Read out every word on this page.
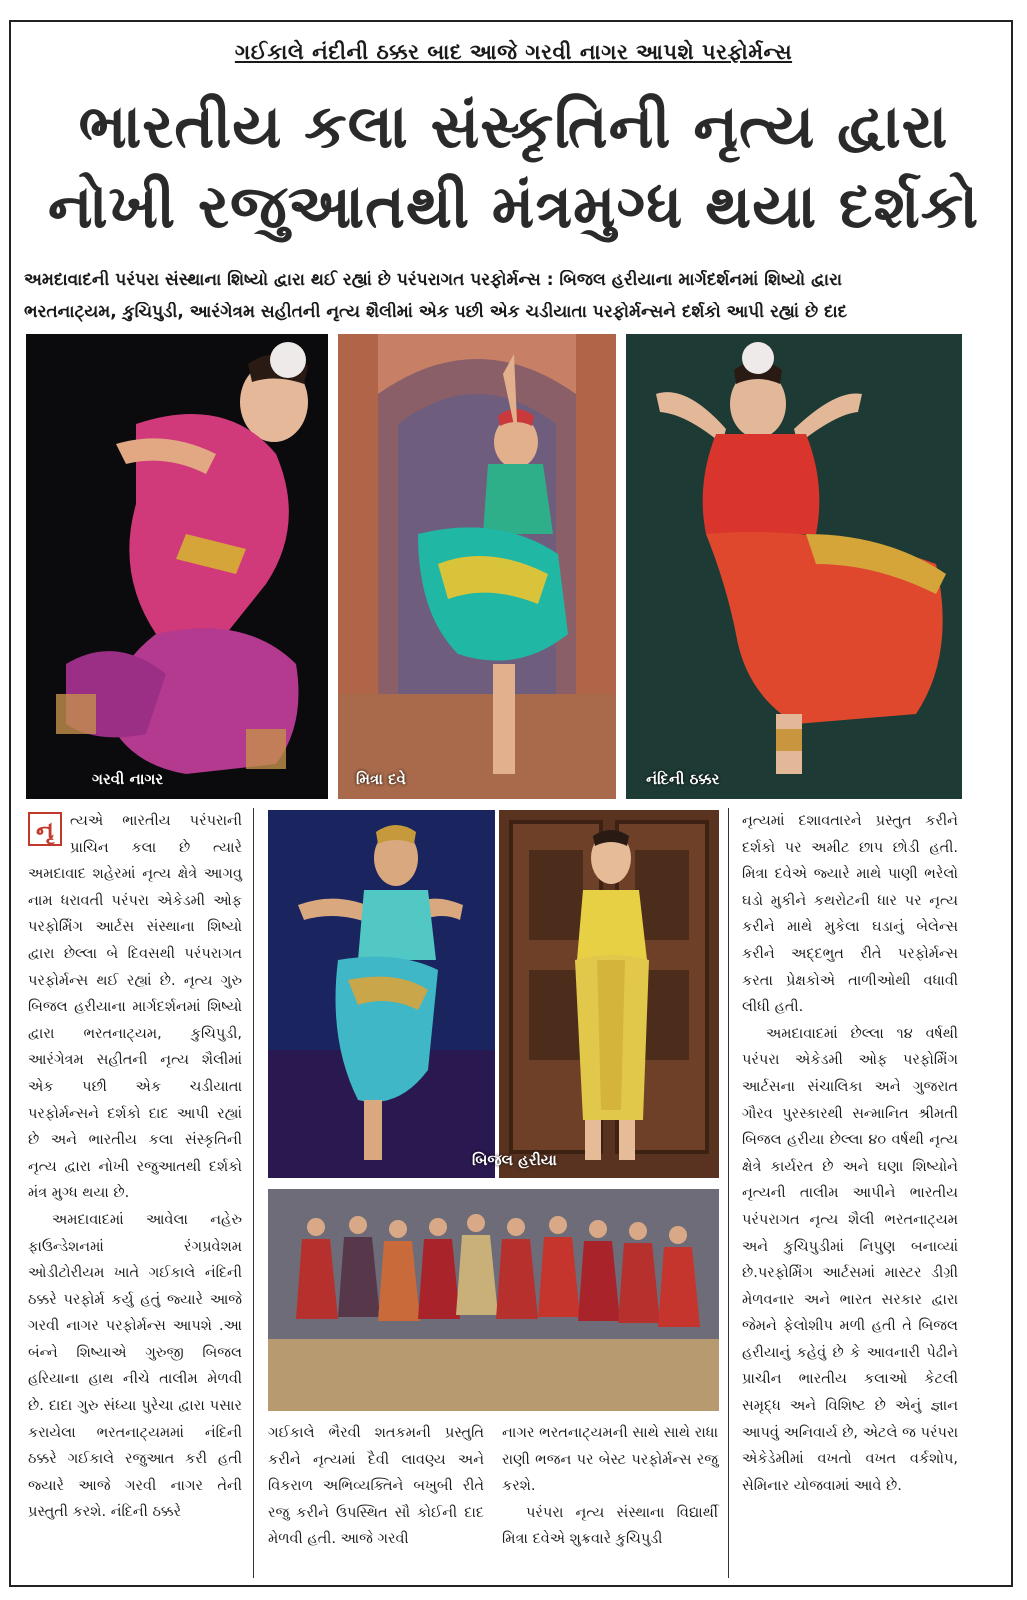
ગઈકાલે નંદીની ઠક્કર બાદ આજે ગરવી નાગર આપશે પરફોર્મન્સ
ભારતીય કલા સંસ્કૃતિની નૃત્ય દ્વારા
નોખી રજુઆતથી મંત્રમુગ્ધ થયા દર્શકો
અમદાવાદની પરંપરા સંસ્થાના શિષ્યો દ્વારા થઈ રહ્યાં છે પરંપરાગત પરફોર્મન્સ : બિજલ હરીયાના માર્ગદર્શનમાં શિષ્યો દ્વારા
ભરતનાટ્યમ, કુચિપુડી, આરંગેત્રમ સહીતની નૃત્ય શૈલીમાં એક પછી એક ચડીયાતા પરફોર્મન્સને દર્શકો આપી રહ્યાં છે દાદ
ગરવી નાગર	મિત્રા દવે	નંદિની ઠક્કર
બિજલ હરીયા
નૃ	ત્યએ ભારતીય પરંપરાની પ્રાચિન કલા છે ત્યારે અમદાવાદ શહેરમાં નૃત્ય ક્ષેત્રે આગવુ નામ ધરાવતી પરંપરા એકેડમી ઓફ પરફોર્મિંગ આર્ટસ સંસ્થાના શિષ્યો દ્વારા છેલ્લા બે દિવસથી પરંપરાગત પરફોર્મન્સ થઈ રહ્યાં છે. નૃત્ય ગુરુ બિજલ હરીયાના માર્ગદર્શનમાં શિષ્યો દ્વારા ભરતનાટ્યમ, કુચિપુડી, આરંગેત્રમ સહીતની નૃત્ય શૈલીમાં એક પછી એક ચડીયાતા પરફોર્મન્સને દર્શકો દાદ આપી રહ્યાં છે અને ભારતીય કલા સંસ્કૃતિની નૃત્ય દ્વારા નોખી રજુઆતથી દર્શકો મંત્ર મુગ્ધ થયા છે.

અમદાવાદમાં આવેલા નહેરુ ફાઉન્ડેશનમાં રંગપ્રવેશમ ઓડીટોરીયમ ખાતે ગઈકાલે નંદિની ઠક્કરે પરફોર્મ કર્યુ હતું જ્યારે આજે ગરવી નાગર પરફોર્મન્સ આપશે .આ બંન્ને શિષ્યાએ ગુરુજી બિજલ હરિયાના હાથ નીચે તાલીમ મેળવી છે. દાદા ગુરુ સંધ્યા પુરેચા દ્વારા પસાર કરાયેલા ભરતનાટ્યમમાં નંદિની ઠક્કરે ગઈકાલે રજુઆત કરી હતી જ્યારે આજે ગરવી નાગર તેની પ્રસ્તુતી કરશે. નંદિની ઠક્કરે

ગઈકાલે ભૈરવી શતકમની પ્રસ્તુતિ કરીને નૃત્યમાં દૈવી લાવણ્ય અને વિકરાળ અભિવ્યક્તિને બખુબી રીતે રજુ કરીને ઉપસ્થિત સૌ કોઈની દાદ મેળવી હતી. આજે ગરવી

નાગર ભરતનાટ્યમની સાથે સાથે રાધા રાણી ભજન પર બેસ્ટ પરફોર્મન્સ રજુ કરશે.

પરંપરા નૃત્ય સંસ્થાના વિદ્યાર્થી મિત્રા દવેએ શુક્રવારે કુચિપુડી

નૃત્યમાં દશાવતારને પ્રસ્તુત કરીને દર્શકો પર અમીટ છાપ છોડી હતી. મિત્રા દવેએ જ્યારે માથે પાણી ભરેલો ઘડો મુકીને કથરોટની ધાર પર નૃત્ય કરીને માથે મુકેલા ઘડાનું બેલેન્સ કરીને અદ્દભુત રીતે પરફોર્મન્સ કરતા પ્રેક્ષકોએ તાળીઓથી વધાવી લીધી હતી.

અમદાવાદમાં છેલ્લા ૧૪ વર્ષથી પરંપરા એકેડમી ઓફ પરફોર્મિંગ આર્ટસના સંચાલિકા અને ગુજરાત ગૌરવ પુરસ્કારથી સન્માનિત શ્રીમતી બિજલ હરીયા છેલ્લા ૪૦ વર્ષથી નૃત્ય ક્ષેત્રે કાર્યરત છે અને ઘણા શિષ્યોને નૃત્યની તાલીમ આપીને ભારતીય પરંપરાગત નૃત્ય શૈલી ભરતનાટ્યમ અને કુચિપુડીમાં નિપુણ બનાવ્યાં છે.પરફોર્મિંગ આર્ટસમાં માસ્ટર ડીગ્રી મેળવનાર અને ભારત સરકાર દ્વારા જેમને ફેલોશીપ મળી હતી તે બિજલ હરીયાનું કહેવું છે કે આવનારી પેઢીને પ્રાચીન ભારતીય કલાઓ કેટલી સમૃદ્ધ અને વિશિષ્ટ છે એનું જ્ઞાન આપવું અનિવાર્ય છે, એટલે જ પરંપરા એકેડેમીમાં વખતો વખત વર્કશોપ, સેમિનાર યોજવામાં આવે છે.
